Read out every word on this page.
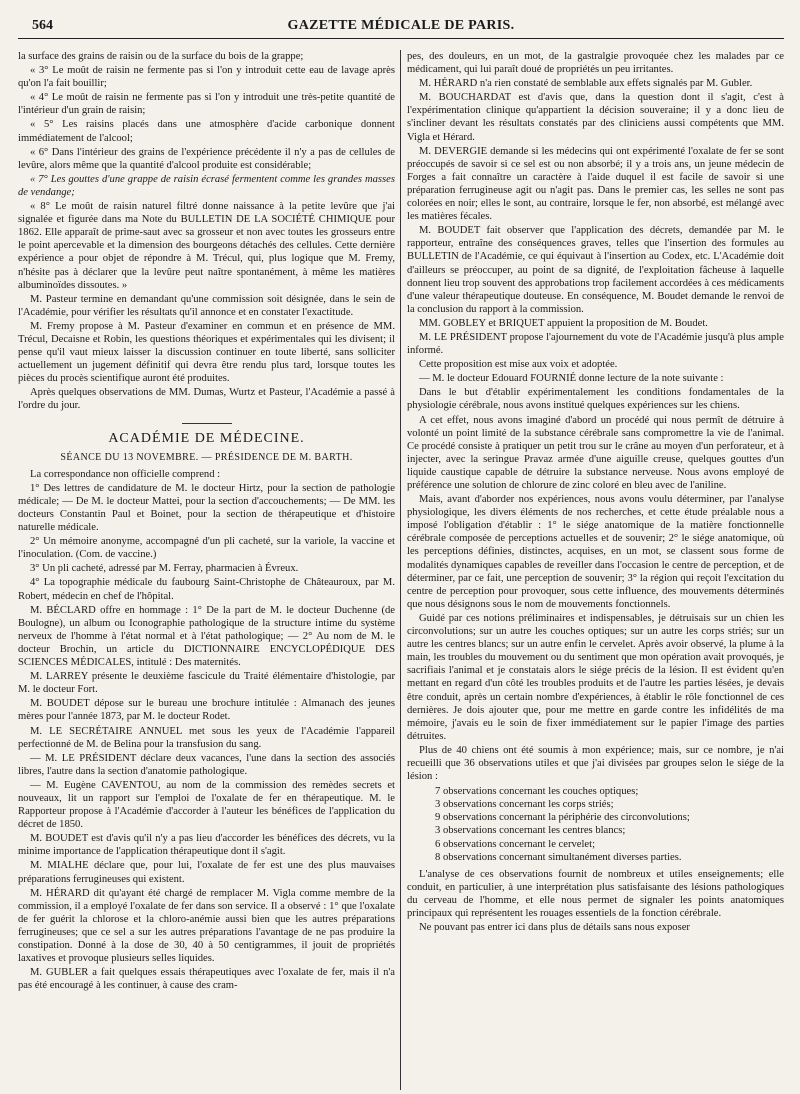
564	GAZETTE MÉDICALE DE PARIS.

la surface des grains de raisin ou de la surface du bois de la grappe;

« 3° Le moût de raisin ne fermente pas si l'on y introduit cette eau de lavage après qu'on l'a fait bouillir;

« 4° Le moût de raisin ne fermente pas si l'on y introduit une très-petite quantité de l'intérieur d'un grain de raisin;

« 5° Les raisins placés dans une atmosphère d'acide carbonique donnent immédiatement de l'alcool;

« 6° Dans l'intérieur des grains de l'expérience précédente il n'y a pas de cellules de levûre, alors même que la quantité d'alcool produite est considérable;

« 7° Les gouttes d'une grappe de raisin écrasé fermentent comme les grandes masses de vendange;

« 8° Le moût de raisin naturel filtré donne naissance à la petite levûre que j'ai signalée et figurée dans ma Note du BULLETIN DE LA SOCIÉTÉ CHIMIQUE pour 1862. Elle apparaît de prime-saut avec sa grosseur et non avec toutes les grosseurs entre le point apercevable et la dimension des bourgeons détachés des cellules. Cette dernière expérience a pour objet de répondre à M. Trécul, qui, plus logique que M. Fremy, n'hésite pas à déclarer que la levûre peut naître spontanément, à même les matières albuminoïdes dissoutes. »

M. Pasteur termine en demandant qu'une commission soit désignée, dans le sein de l'Académie, pour vérifier les résultats qu'il annonce et en constater l'exactitude.

M. Fremy propose à M. Pasteur d'examiner en commun et en présence de MM. Trécul, Decaisne et Robin, les questions théoriques et expérimentales qui les divisent; il pense qu'il vaut mieux laisser la discussion continuer en toute liberté, sans solliciter actuellement un jugement définitif qui devra être rendu plus tard, lorsque toutes les pièces du procès scientifique auront été produites.

Après quelques observations de MM. Dumas, Wurtz et Pasteur, l'Académie a passé à l'ordre du jour.

ACADÉMIE DE MÉDECINE.
SÉANCE DU 13 NOVEMBRE. — PRÉSIDENCE DE M. BARTH.

La correspondance non officielle comprend :

1° Des lettres de candidature de M. le docteur Hirtz, pour la section de pathologie médicale; — De M. le docteur Mattei, pour la section d'accouchements; — De MM. les docteurs Constantin Paul et Boinet, pour la section de thérapeutique et d'histoire naturelle médicale.

2° Un mémoire anonyme, accompagné d'un pli cacheté, sur la variole, la vaccine et l'inoculation. (Com. de vaccine.)

3° Un pli cacheté, adressé par M. Ferray, pharmacien à Évreux.

4° La topographie médicale du faubourg Saint-Christophe de Châteauroux, par M. Robert, médecin en chef de l'hôpital.

M. BÉCLARD offre en hommage : 1° De la part de M. le docteur Duchenne (de Boulogne), un album ou Iconographie pathologique de la structure intime du système nerveux de l'homme à l'état normal et à l'état pathologique; — 2° Au nom de M. le docteur Brochin, un article du DICTIONNAIRE ENCYCLOPÉDIQUE DES SCIENCES MÉDICALES, intitulé : Des maternités.

M. LARREY présente le deuxième fascicule du Traité élémentaire d'histologie, par M. le docteur Fort.

M. BOUDET dépose sur le bureau une brochure intitulée : Almanach des jeunes mères pour l'année 1873, par M. le docteur Rodet.

M. LE SECRÉTAIRE ANNUEL met sous les yeux de l'Académie l'appareil perfectionné de M. de Belina pour la transfusion du sang.

— M. LE PRÉSIDENT déclare deux vacances, l'une dans la section des associés libres, l'autre dans la section d'anatomie pathologique.

— M. Eugène CAVENTOU, au nom de la commission des remèdes secrets et nouveaux, lit un rapport sur l'emploi de l'oxalate de fer en thérapeutique. M. le Rapporteur propose à l'Académie d'accorder à l'auteur les bénéfices de l'application du décret de 1850.

M. BOUDET est d'avis qu'il n'y a pas lieu d'accorder les bénéfices des décrets, vu la minime importance de l'application thérapeutique dont il s'agit.

M. MIALHE déclare que, pour lui, l'oxalate de fer est une des plus mauvaises préparations ferrugineuses qui existent.

M. HÉRARD dit qu'ayant été chargé de remplacer M. Vigla comme membre de la commission, il a employé l'oxalate de fer dans son service. Il a observé : 1° que l'oxalate de fer guérit la chlorose et la chloro-anémie aussi bien que les autres préparations ferrugineuses; que ce sel a sur les autres préparations l'avantage de ne pas produire la constipation. Donné à la dose de 30, 40 à 50 centigrammes, il jouit de propriétés laxatives et provoque plusieurs selles liquides.

M. GUBLER a fait quelques essais thérapeutiques avec l'oxalate de fer, mais il n'a pas été encouragé à les continuer, à cause des cram-

pes, des douleurs, en un mot, de la gastralgie provoquée chez les malades par ce médicament, qui lui paraît doué de propriétés un peu irritantes.

M. HÉRARD n'a rien constaté de semblable aux effets signalés par M. Gubler.

M. BOUCHARDAT est d'avis que, dans la question dont il s'agit, c'est à l'expérimentation clinique qu'appartient la décision souveraine; il y a donc lieu de s'incliner devant les résultats constatés par des cliniciens aussi compétents que MM. Vigla et Hérard.

M. DEVERGIE demande si les médecins qui ont expérimenté l'oxalate de fer se sont préoccupés de savoir si ce sel est ou non absorbé; il y a trois ans, un jeune médecin de Forges a fait connaître un caractère à l'aide duquel il est facile de savoir si une préparation ferrugineuse agit ou n'agit pas. Dans le premier cas, les selles ne sont pas colorées en noir; elles le sont, au contraire, lorsque le fer, non absorbé, est mélangé avec les matières fécales.

M. BOUDET fait observer que l'application des décrets, demandée par M. le rapporteur, entraîne des conséquences graves, telles que l'insertion des formules au BULLETIN de l'Académie, ce qui équivaut à l'insertion au Codex, etc. L'Académie doit d'ailleurs se préoccuper, au point de sa dignité, de l'exploitation fâcheuse à laquelle donnent lieu trop souvent des approbations trop facilement accordées à ces médicaments d'une valeur thérapeutique douteuse. En conséquence, M. Boudet demande le renvoi de la conclusion du rapport à la commission.

MM. GOBLEY et BRIQUET appuient la proposition de M. Boudet.

M. LE PRÉSIDENT propose l'ajournement du vote de l'Académie jusqu'à plus ample informé.

Cette proposition est mise aux voix et adoptée.

— M. le docteur Edouard FOURNIÉ donne lecture de la note suivante :

Dans le but d'établir expérimentalement les conditions fondamentales de la physiologie cérébrale, nous avons institué quelques expériences sur les chiens.

A cet effet, nous avons imaginé d'abord un procédé qui nous permît de détruire à volonté un point limité de la substance cérébrale sans compromettre la vie de l'animal. Ce procédé consiste à pratiquer un petit trou sur le crâne au moyen d'un perforateur, et à injecter, avec la seringue Pravaz armée d'une aiguille creuse, quelques gouttes d'un liquide caustique capable de détruire la substance nerveuse. Nous avons employé de préférence une solution de chlorure de zinc coloré en bleu avec de l'aniline.

Mais, avant d'aborder nos expériences, nous avons voulu déterminer, par l'analyse physiologique, les divers éléments de nos recherches, et cette étude préalable nous a imposé l'obligation d'établir : 1° le siége anatomique de la matière fonctionnelle cérébrale composée de perceptions actuelles et de souvenir; 2° le siége anatomique, où les perceptions définies, distinctes, acquises, en un mot, se classent sous forme de modalités dynamiques capables de reveiller dans l'occasion le centre de perception, et de déterminer, par ce fait, une perception de souvenir; 3° la région qui reçoit l'excitation du centre de perception pour provoquer, sous cette influence, des mouvements déterminés que nous désignons sous le nom de mouvements fonctionnels.

Guidé par ces notions préliminaires et indispensables, je détruisais sur un chien les circonvolutions; sur un autre les couches optiques; sur un autre les corps striés; sur un autre les centres blancs; sur un autre enfin le cervelet. Après avoir observé, la plume à la main, les troubles du mouvement ou du sentiment que mon opération avait provoqués, je sacrifiais l'animal et je constatais alors le siége précis de la lésion. Il est évident qu'en mettant en regard d'un côté les troubles produits et de l'autre les parties lésées, je devais être conduit, après un certain nombre d'expériences, à établir le rôle fonctionnel de ces dernières. Je dois ajouter que, pour me mettre en garde contre les infidélités de ma mémoire, j'avais eu le soin de fixer immédiatement sur le papier l'image des parties détruites.

Plus de 40 chiens ont été soumis à mon expérience; mais, sur ce nombre, je n'ai recueilli que 36 observations utiles et que j'ai divisées par groupes selon le siége de la lésion :

7 observations concernant les couches optiques;
3 observations concernant les corps striés;
9 observations concernant la périphérie des circonvolutions;
3 observations concernant les centres blancs;
6 observations concernant le cervelet;
8 observations concernant simultanément diverses parties.

L'analyse de ces observations fournit de nombreux et utiles enseignements; elle conduit, en particulier, à une interprétation plus satisfaisante des lésions pathologiques du cerveau de l'homme, et elle nous permet de signaler les points anatomiques principaux qui représentent les rouages essentiels de la fonction cérébrale.

Ne pouvant pas entrer ici dans plus de détails sans nous exposer
